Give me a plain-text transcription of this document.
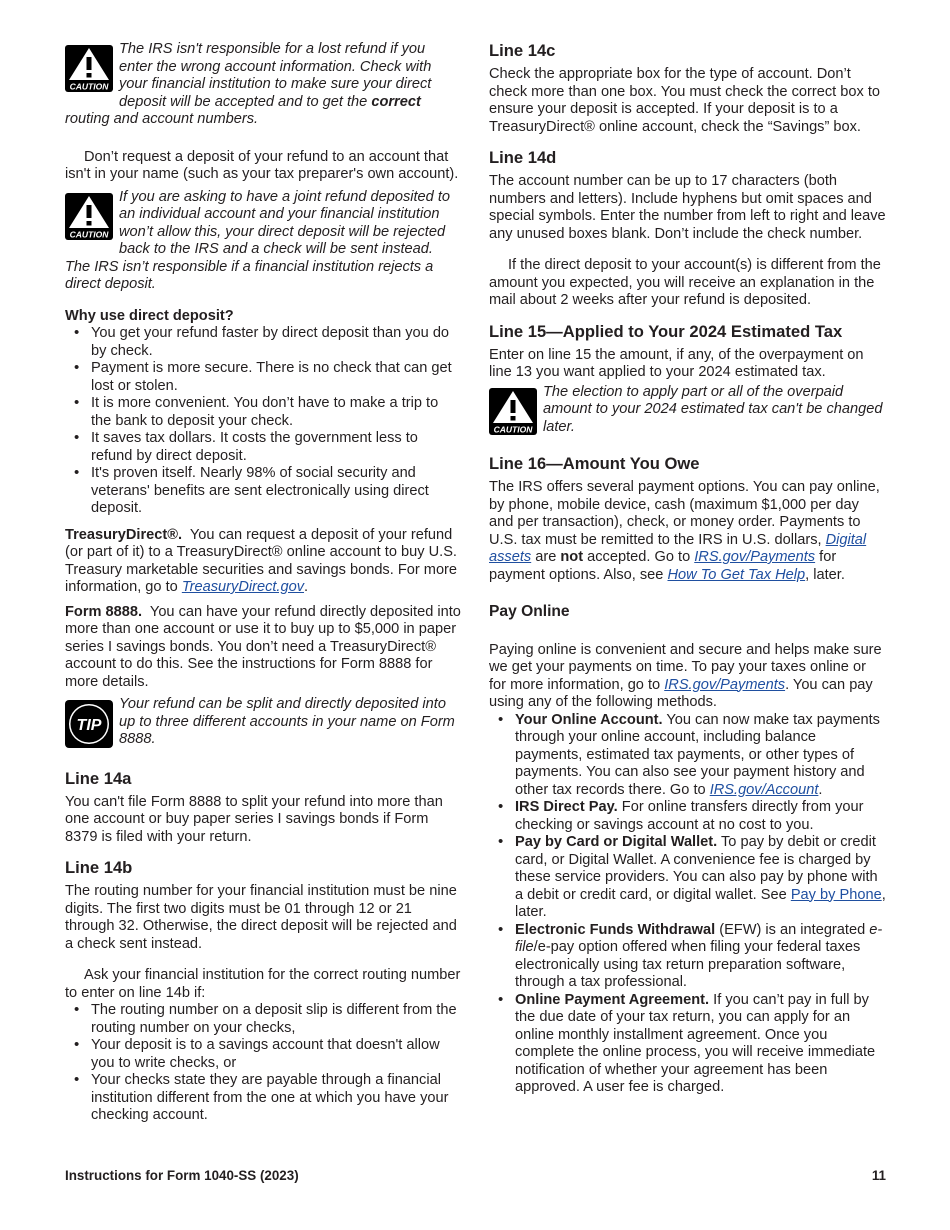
CAUTION

The IRS isn't responsible for a lost refund if you enter the wrong account information. Check with your financial institution to make sure your direct deposit will be accepted and to get the correct routing and account numbers.

Don’t request a deposit of your refund to an account that isn't in your name (such as your tax preparer's own account).

CAUTION

If you are asking to have a joint refund deposited to an individual account and your financial institution won’t allow this, your direct deposit will be rejected back to the IRS and a check will be sent instead. The IRS isn’t responsible if a financial institution rejects a direct deposit.

Why use direct deposit?
• You get your refund faster by direct deposit than you do by check.
• Payment is more secure. There is no check that can get lost or stolen.
• It is more convenient. You don’t have to make a trip to the bank to deposit your check.
• It saves tax dollars. It costs the government less to refund by direct deposit.
• It's proven itself. Nearly 98% of social security and veterans' benefits are sent electronically using direct deposit.

TreasuryDirect®. You can request a deposit of your refund (or part of it) to a TreasuryDirect® online account to buy U.S. Treasury marketable securities and savings bonds. For more information, go to TreasuryDirect.gov.

Form 8888. You can have your refund directly deposited into more than one account or use it to buy up to $5,000 in paper series I savings bonds. You don’t need a TreasuryDirect® account to do this. See the instructions for Form 8888 for more details.

TIP

Your refund can be split and directly deposited into up to three different accounts in your name on Form 8888.

Line 14a

You can't file Form 8888 to split your refund into more than one account or buy paper series I savings bonds if Form 8379 is filed with your return.

Line 14b

The routing number for your financial institution must be nine digits. The first two digits must be 01 through 12 or 21 through 32. Otherwise, the direct deposit will be rejected and a check sent instead.

Ask your financial institution for the correct routing number to enter on line 14b if:

• The routing number on a deposit slip is different from the routing number on your checks,
• Your deposit is to a savings account that doesn't allow you to write checks, or
• Your checks state they are payable through a financial institution different from the one at which you have your checking account.
Line 14c

Check the appropriate box for the type of account. Don’t check more than one box. You must check the correct box to ensure your deposit is accepted. If your deposit is to a TreasuryDirect® online account, check the “Savings” box.

Line 14d

The account number can be up to 17 characters (both numbers and letters). Include hyphens but omit spaces and special symbols. Enter the number from left to right and leave any unused boxes blank. Don’t include the check number.

If the direct deposit to your account(s) is different from the amount you expected, you will receive an explanation in the mail about 2 weeks after your refund is deposited.

Line 15—Applied to Your 2024 Estimated Tax

Enter on line 15 the amount, if any, of the overpayment on line 13 you want applied to your 2024 estimated tax.

CAUTION

The election to apply part or all of the overpaid amount to your 2024 estimated tax can't be changed later.

Line 16—Amount You Owe

The IRS offers several payment options. You can pay online, by phone, mobile device, cash (maximum $1,000 per day and per transaction), check, or money order. Payments to U.S. tax must be remitted to the IRS in U.S. dollars, Digital assets are not accepted. Go to IRS.gov/Payments for payment options. Also, see How To Get Tax Help, later.

Pay Online

Paying online is convenient and secure and helps make sure we get your payments on time. To pay your taxes online or for more information, go to IRS.gov/Payments. You can pay using any of the following methods.

• Your Online Account. You can now make tax payments through your online account, including balance payments, estimated tax payments, or other types of payments. You can also see your payment history and other tax records there. Go to IRS.gov/Account.
• IRS Direct Pay. For online transfers directly from your checking or savings account at no cost to you.
• Pay by Card or Digital Wallet. To pay by debit or credit card, or Digital Wallet. A convenience fee is charged by these service providers. You can also pay by phone with a debit or credit card, or digital wallet. See Pay by Phone, later.
• Electronic Funds Withdrawal (EFW) is an integrated e-file/e-pay option offered when filing your federal taxes electronically using tax return preparation software, through a tax professional.
• Online Payment Agreement. If you can’t pay in full by the due date of your tax return, you can apply for an online monthly installment agreement. Once you complete the online process, you will receive immediate notification of whether your agreement has been approved. A user fee is charged.
Instructions for Form 1040-SS (2023)	11
